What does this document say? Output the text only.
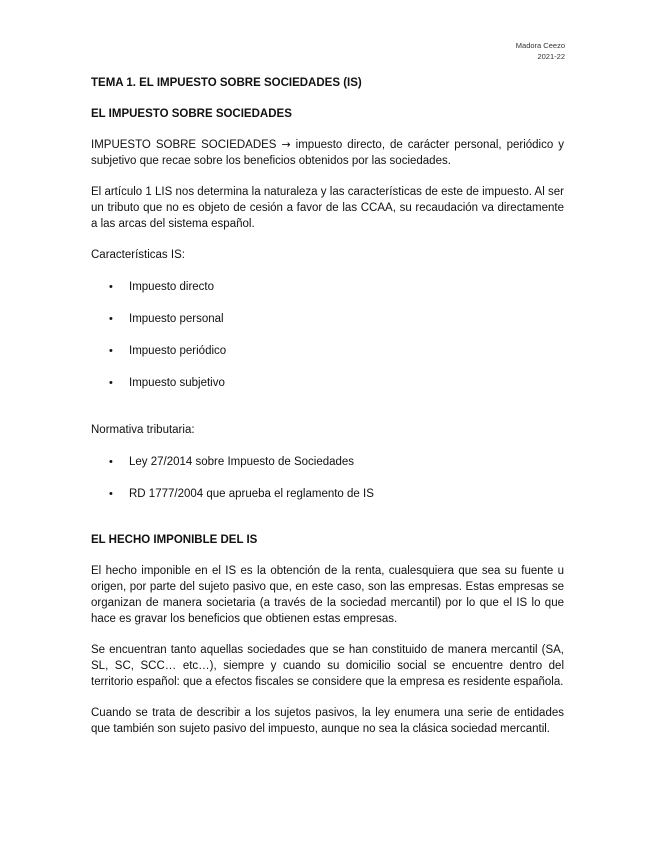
Madora Ceezo
2021-22

TEMA 1. EL IMPUESTO SOBRE SOCIEDADES (IS)

EL IMPUESTO SOBRE SOCIEDADES

IMPUESTO SOBRE SOCIEDADES → impuesto directo, de carácter personal, periódico y subjetivo que recae sobre los beneficios obtenidos por las sociedades.

El artículo 1 LIS nos determina la naturaleza y las características de este de impuesto. Al ser un tributo que no es objeto de cesión a favor de las CCAA, su recaudación va directamente a las arcas del sistema español.

Características IS:

• Impuesto directo
• Impuesto personal
• Impuesto periódico
• Impuesto subjetivo

Normativa tributaria:

• Ley 27/2014 sobre Impuesto de Sociedades
• RD 1777/2004 que aprueba el reglamento de IS

EL HECHO IMPONIBLE DEL IS

El hecho imponible en el IS es la obtención de la renta, cualesquiera que sea su fuente u origen, por parte del sujeto pasivo que, en este caso, son las empresas. Estas empresas se organizan de manera societaria (a través de la sociedad mercantil) por lo que el IS lo que hace es gravar los beneficios que obtienen estas empresas.

Se encuentran tanto aquellas sociedades que se han constituido de manera mercantil (SA, SL, SC, SCC… etc…), siempre y cuando su domicilio social se encuentre dentro del territorio español: que a efectos fiscales se considere que la empresa es residente española.

Cuando se trata de describir a los sujetos pasivos, la ley enumera una serie de entidades que también son sujeto pasivo del impuesto, aunque no sea la clásica sociedad mercantil.
